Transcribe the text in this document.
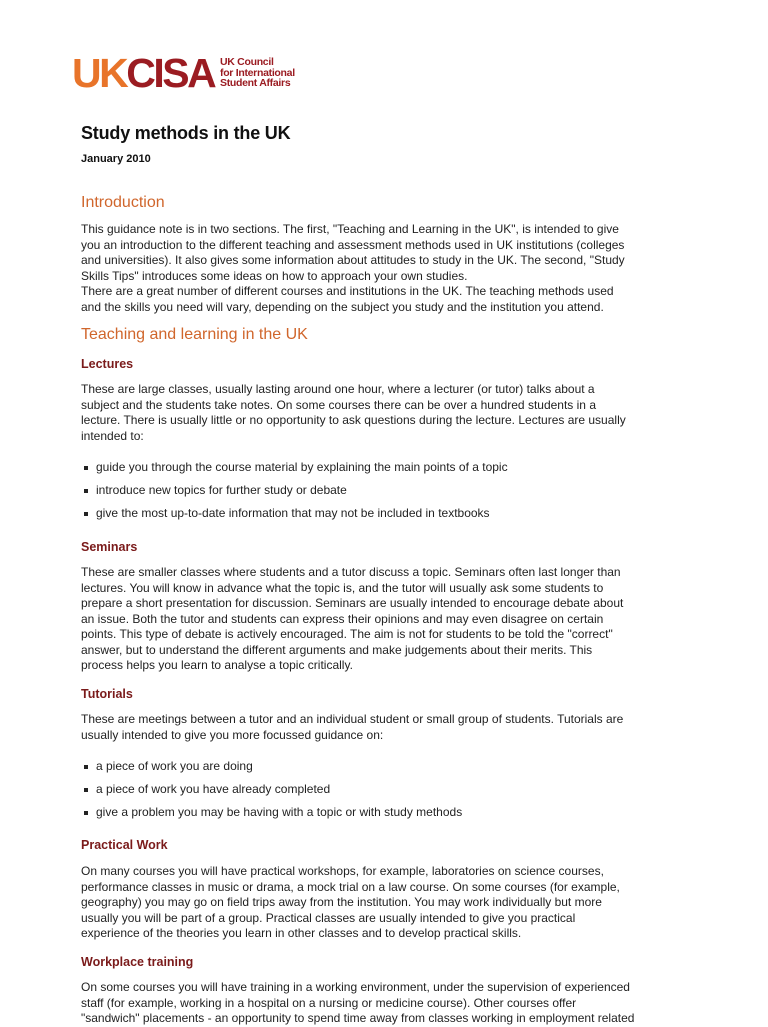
UKCISA UK Council
for International
Student Affairs
Study methods in the UK
January 2010
Introduction

This guidance note is in two sections. The first, "Teaching and Learning in the UK", is intended to give
you an introduction to the different teaching and assessment methods used in UK institutions (colleges
and universities). It also gives some information about attitudes to study in the UK. The second, "Study
Skills Tips" introduces some ideas on how to approach your own studies.
There are a great number of different courses and institutions in the UK. The teaching methods used
and the skills you need will vary, depending on the subject you study and the institution you attend.

Teaching and learning in the UK
Lectures

These are large classes, usually lasting around one hour, where a lecturer (or tutor) talks about a
subject and the students take notes. On some courses there can be over a hundred students in a
lecture. There is usually little or no opportunity to ask questions during the lecture. Lectures are usually
intended to:

guide you through the course material by explaining the main points of a topic
introduce new topics for further study or debate
give the most up-to-date information that may not be included in textbooks
Seminars

These are smaller classes where students and a tutor discuss a topic. Seminars often last longer than
lectures. You will know in advance what the topic is, and the tutor will usually ask some students to
prepare a short presentation for discussion. Seminars are usually intended to encourage debate about
an issue. Both the tutor and students can express their opinions and may even disagree on certain
points. This type of debate is actively encouraged. The aim is not for students to be told the "correct"
answer, but to understand the different arguments and make judgements about their merits. This
process helps you learn to analyse a topic critically.

Tutorials

These are meetings between a tutor and an individual student or small group of students. Tutorials are
usually intended to give you more focussed guidance on:

a piece of work you are doing
a piece of work you have already completed
give a problem you may be having with a topic or with study methods
Practical Work

On many courses you will have practical workshops, for example, laboratories on science courses,
performance classes in music or drama, a mock trial on a law course. On some courses (for example,
geography) you may go on field trips away from the institution. You may work individually but more
usually you will be part of a group. Practical classes are usually intended to give you practical
experience of the theories you learn in other classes and to develop practical skills.

Workplace training

On some courses you will have training in a working environment, under the supervision of experienced
staff (for example, working in a hospital on a nursing or medicine course). Other courses offer
"sandwich" placements - an opportunity to spend time away from classes working in employment related
